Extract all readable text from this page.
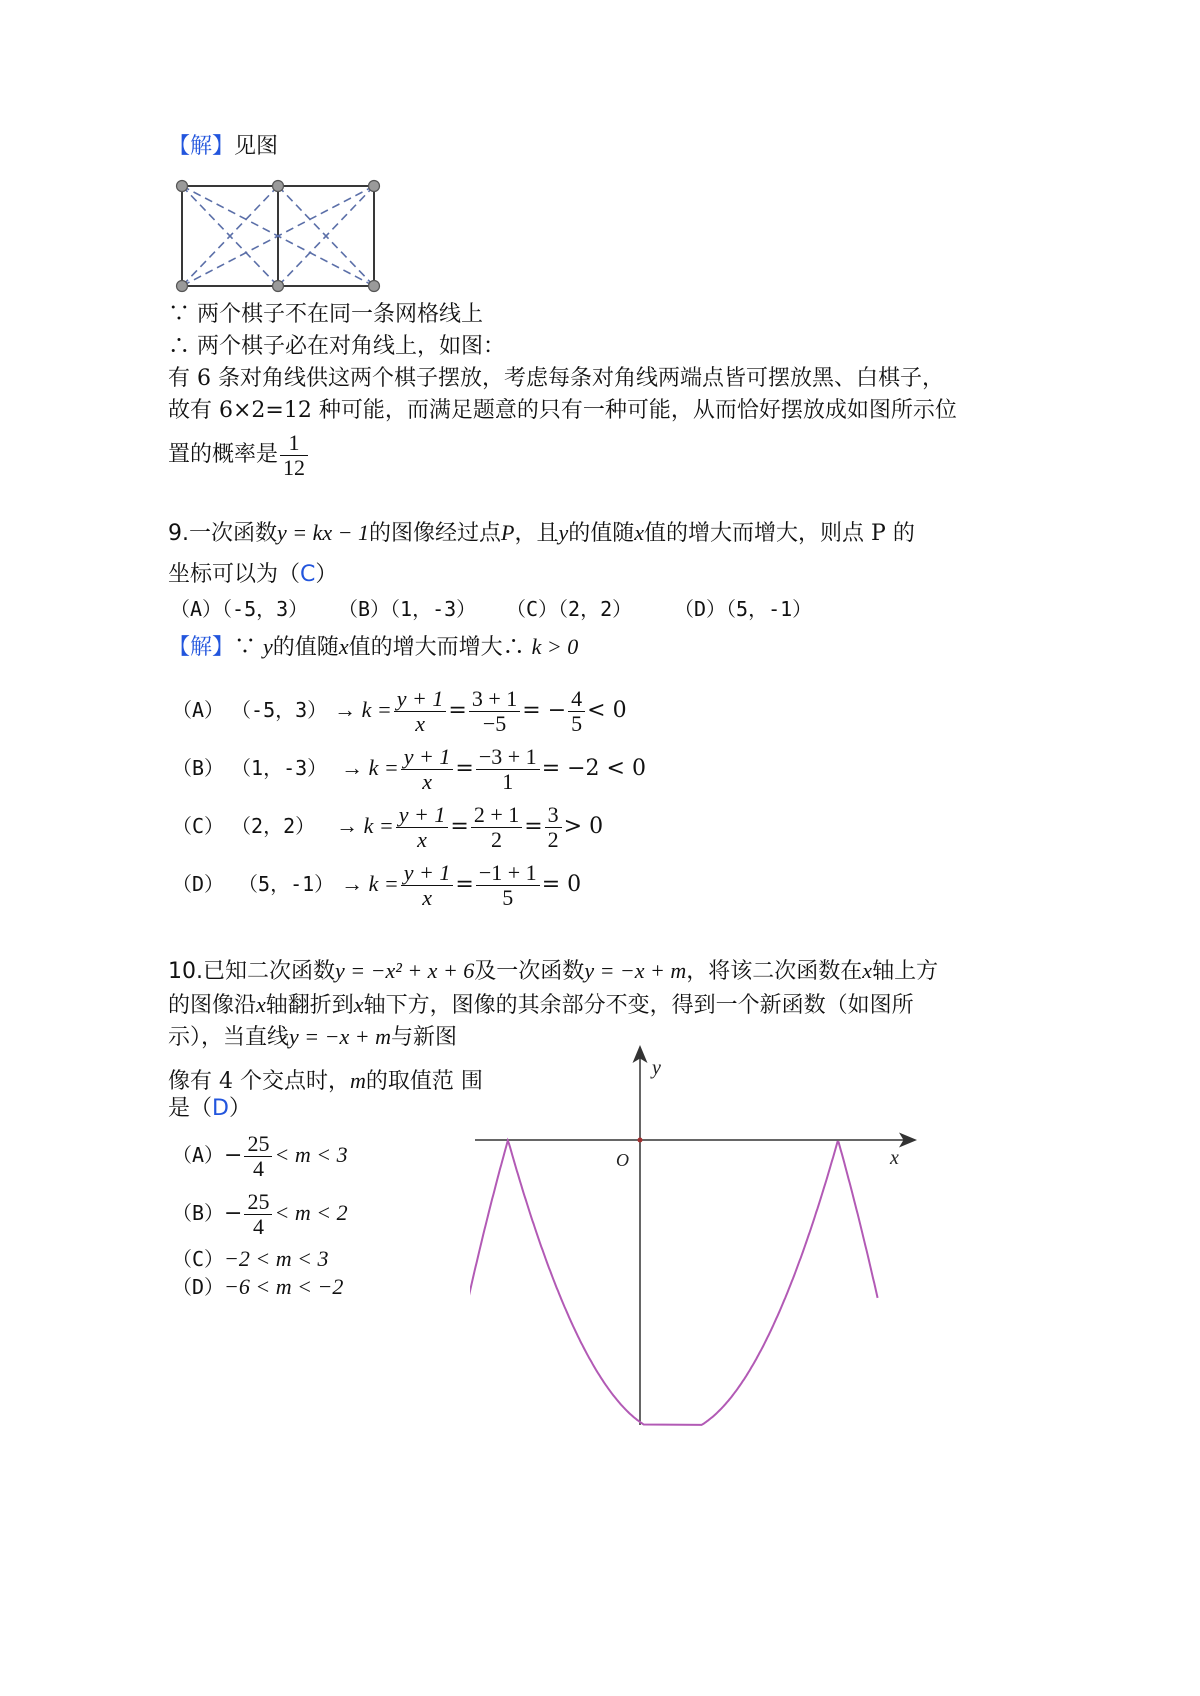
【解】见图
∵ 两个棋子不在同一条网格线上
∴ 两个棋子必在对角线上，如图：
有 6 条对角线供这两个棋子摆放，考虑每条对角线两端点皆可摆放黑、白棋子，
故有 6×2=12 种可能，而满足题意的只有一种可能，从而恰好摆放成如图所示位
置的概率是 $\frac{1}{12}$
9.一次函数y = kx − 1的图像经过点P，且y的值随x值的增大而增大，则点 P 的
坐标可以为（C）
（A）（-5，3） （B）（1，-3） （C）（2，2） （D）（5，-1）
【解】∵ y的值随x值的增大而增大∴ k > 0
（A） （-5，$3) \to k = \frac{y + 1}{x} = \frac{3 + 1}{-5}$ = − $\frac{4}{5} < 0$
（B） （1，$-3) \to k = \frac{y + 1}{x} = \frac{-3 + 1}{1} = -2 < 0$
（C） （2，$2) \to k = \frac{y + 1}{x} = \frac{2 + 1}{2} = \frac{3}{2} > 0$
（D） （5，$-1) \to k = \frac{y + 1}{x} = \frac{-1 + 1}{5} = 0$
10.已知二次函数y = −x² + x + 6及一次函数y = −x + m，将该二次函数在x轴上方
的图像沿x轴翻折到x轴下方，图像的其余部分不变，得到一个新函数（如图所
示），当直线y = −x + m与新图
像有 4 个交点时，m的取值范 围
是（D）
$(A)- \frac{25}{4} < m < 3$
$(B)- \frac{25}{4} < m < 2$
（C）−2 < m < 3
（D）−6 < m < −2
y
x
O
